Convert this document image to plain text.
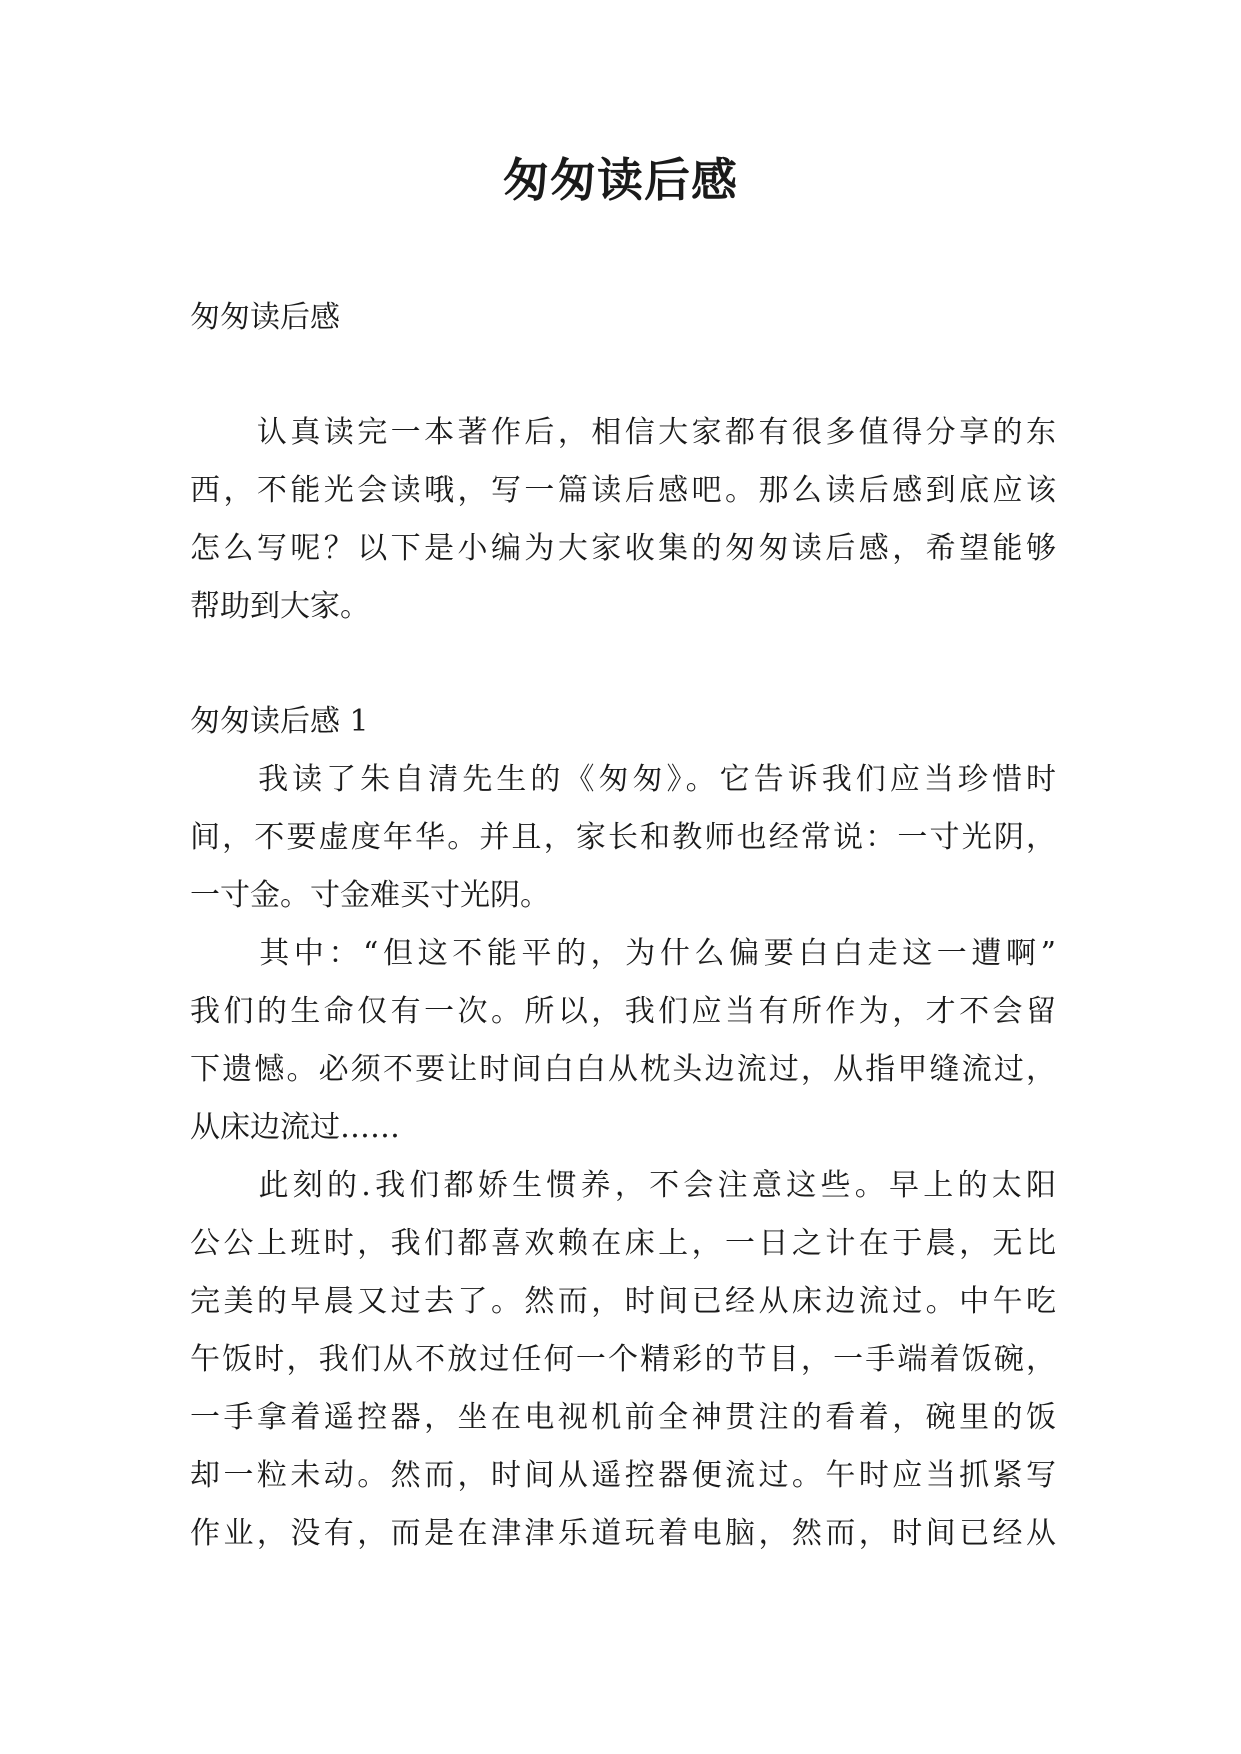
匆匆读后感
匆匆读后感
　　认真读完一本著作后，相信大家都有很多值得分享的东
西，不能光会读哦，写一篇读后感吧。那么读后感到底应该
怎么写呢？以下是小编为大家收集的匆匆读后感，希望能够
帮助到大家。
匆匆读后感 1
　　我读了朱自清先生的《匆匆》。它告诉我们应当珍惜时
间，不要虚度年华。并且，家长和教师也经常说：一寸光阴，
一寸金。寸金难买寸光阴。
　　其中：“但这不能平的，为什么偏要白白走这一遭啊”
我们的生命仅有一次。所以，我们应当有所作为，才不会留
下遗憾。必须不要让时间白白从枕头边流过，从指甲缝流过，
从床边流过……
　　此刻的.我们都娇生惯养，不会注意这些。早上的太阳
公公上班时，我们都喜欢赖在床上，一日之计在于晨，无比
完美的早晨又过去了。然而，时间已经从床边流过。中午吃
午饭时，我们从不放过任何一个精彩的节目，一手端着饭碗，
一手拿着遥控器，坐在电视机前全神贯注的看着，碗里的饭
却一粒未动。然而，时间从遥控器便流过。午时应当抓紧写
作业，没有，而是在津津乐道玩着电脑，然而，时间已经从
